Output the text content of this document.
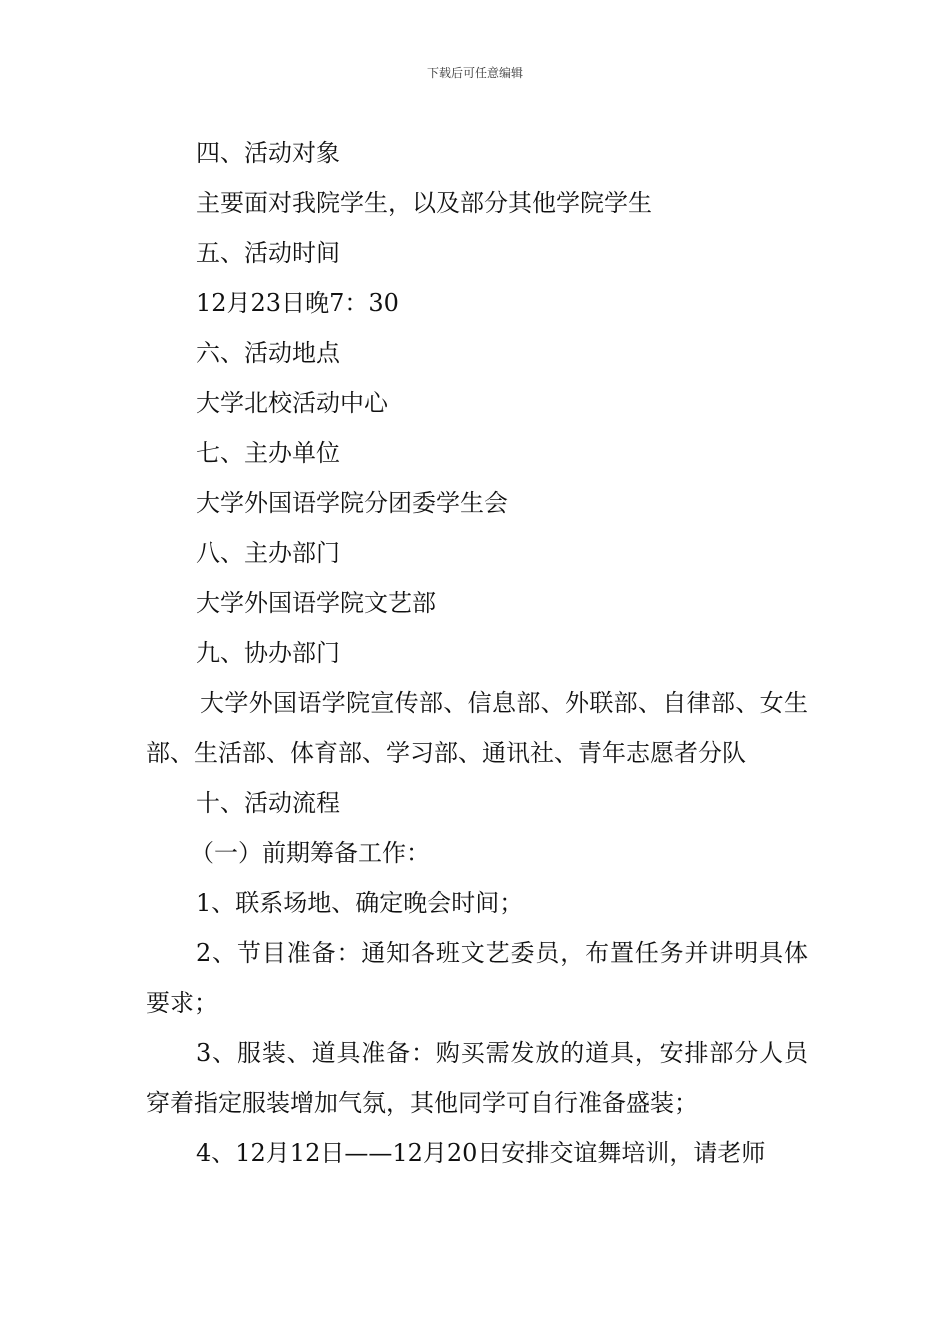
下载后可任意编辑

四、活动对象

主要面对我院学生，以及部分其他学院学生

五、活动时间

12月23日晚7：30

六、活动地点

大学北校活动中心

七、主办单位

大学外国语学院分团委学生会

八、主办部门

大学外国语学院文艺部

九、协办部门

大学外国语学院宣传部、信息部、外联部、自律部、女生部、生活部、体育部、学习部、通讯社、青年志愿者分队

十、活动流程

（一）前期筹备工作：

1、联系场地、确定晚会时间；

2、节目准备：通知各班文艺委员，布置任务并讲明具体要求；

3、服装、道具准备：购买需发放的道具，安排部分人员穿着指定服装增加气氛，其他同学可自行准备盛装；

4、12月12日——12月20日安排交谊舞培训，请老师
